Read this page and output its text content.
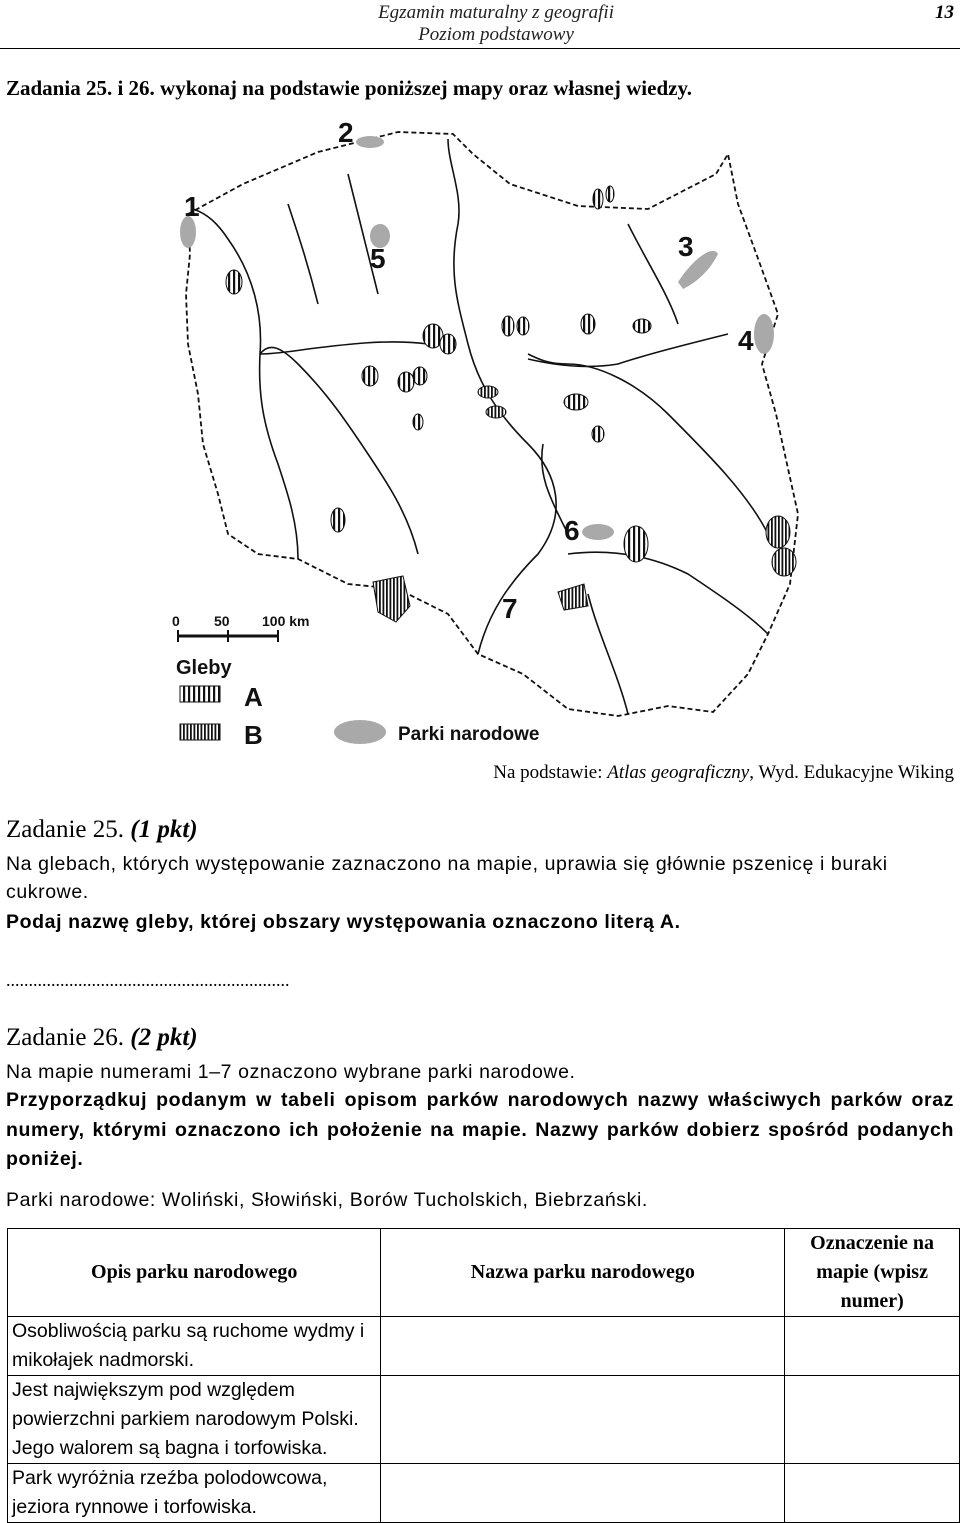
Egzamin maturalny z geografii
Poziom podstawowy
13
Zadania 25. i 26. wykonaj na podstawie poniższej mapy oraz własnej wiedzy.
1
2
3
4
5
6
7
0 50 100 km
Gleby
A
B	Parki narodowe
Na podstawie: Atlas geograficzny, Wyd. Edukacyjne Wiking
Zadanie 25. (1 pkt)
Na glebach, których występowanie zaznaczono na mapie, uprawia się głównie pszenicę i buraki cukrowe.
Podaj nazwę gleby, której obszary występowania oznaczono literą A.
...............................................................
Zadanie 26. (2 pkt)
Na mapie numerami 1–7 oznaczono wybrane parki narodowe.
Przyporządkuj podanym w tabeli opisom parków narodowych nazwy właściwych parków oraz numery, którymi oznaczono ich położenie na mapie. Nazwy parków dobierz spośród podanych poniżej.
Parki narodowe: Woliński, Słowiński, Borów Tucholskich, Biebrzański.
Opis parku narodowego	Nazwa parku narodowego	Oznaczenie na mapie (wpisz numer)
Osobliwością parku są ruchome wydmy i mikołajek nadmorski.		
Jest największym pod względem powierzchni parkiem narodowym Polski. Jego walorem są bagna i torfowiska.		
Park wyróżnia rzeźba polodowcowa, jeziora rynnowe i torfowiska.		
